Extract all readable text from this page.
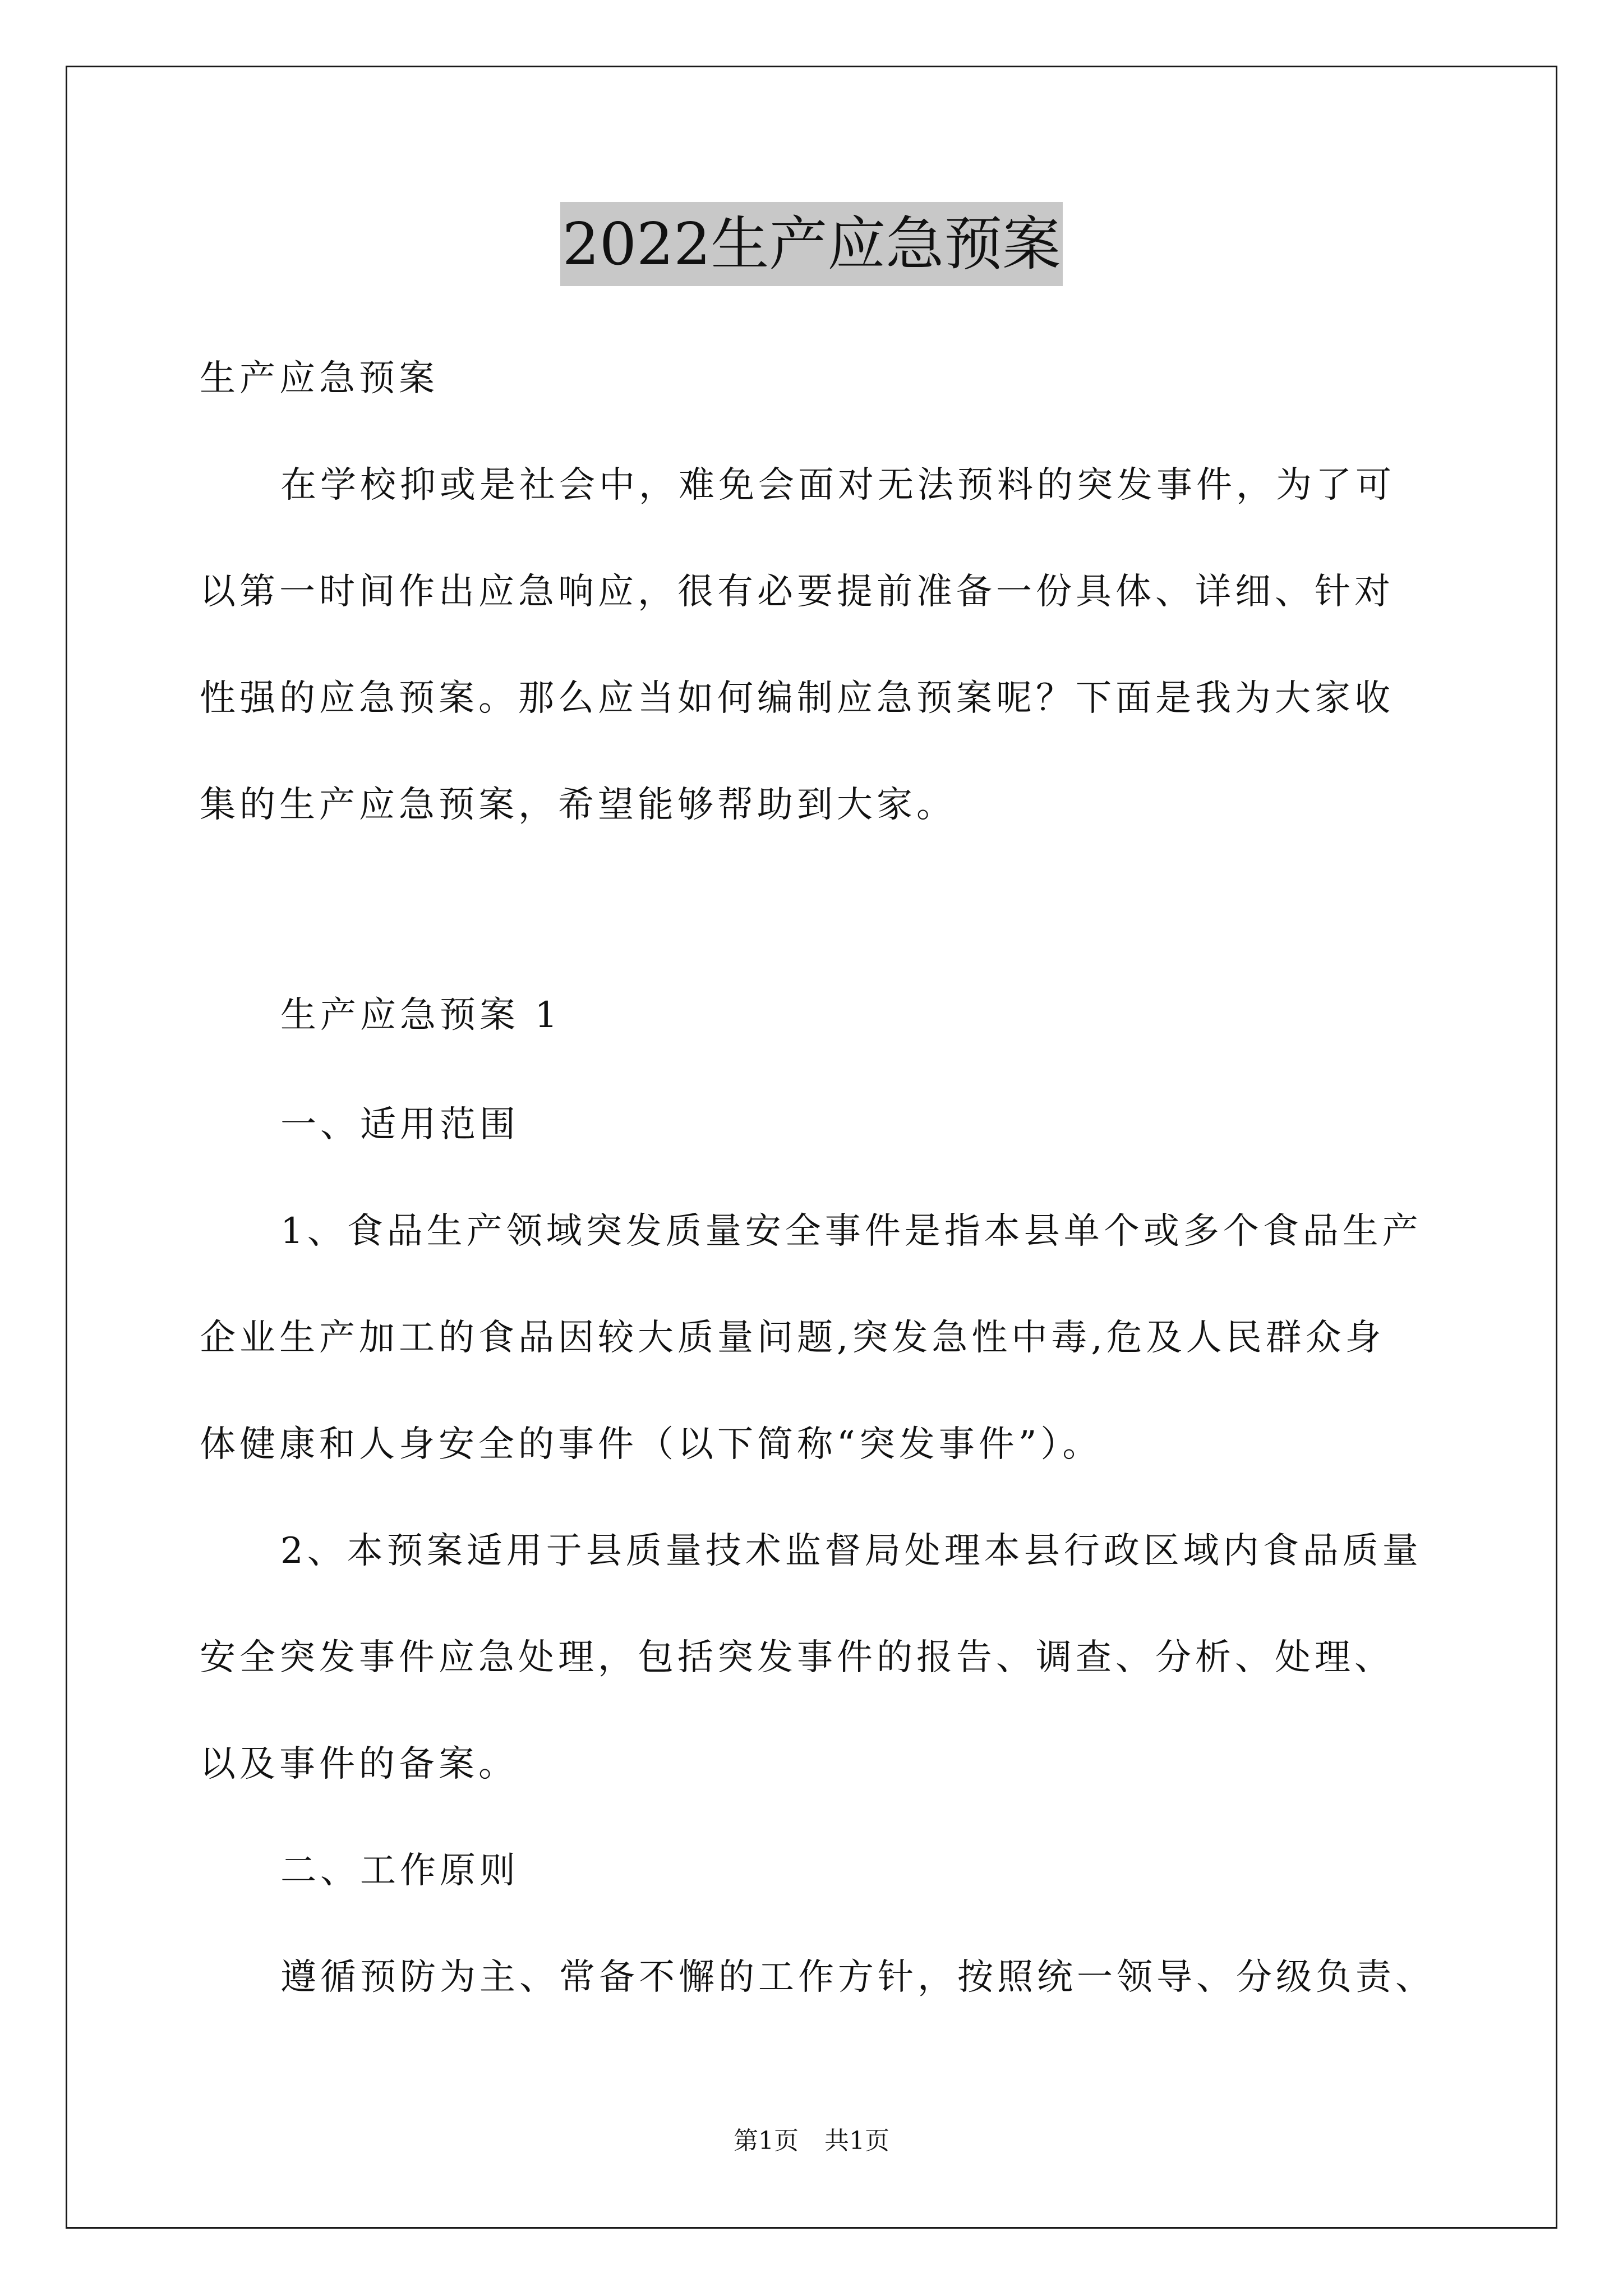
2022生产应急预案

生产应急预案

在学校抑或是社会中，难免会面对无法预料的突发事件，为了可

以第一时间作出应急响应，很有必要提前准备一份具体、详细、针对

性强的应急预案。那么应当如何编制应急预案呢？下面是我为大家收

集的生产应急预案，希望能够帮助到大家。

生产应急预案 1

一、适用范围

1、食品生产领域突发质量安全事件是指本县单个或多个食品生产

企业生产加工的食品因较大质量问题,突发急性中毒,危及人民群众身

体健康和人身安全的事件（以下简称“突发事件”）。

2、本预案适用于县质量技术监督局处理本县行政区域内食品质量

安全突发事件应急处理，包括突发事件的报告、调查、分析、处理、

以及事件的备案。

二、工作原则

遵循预防为主、常备不懈的工作方针，按照统一领导、分级负责、

第1页 共1页
